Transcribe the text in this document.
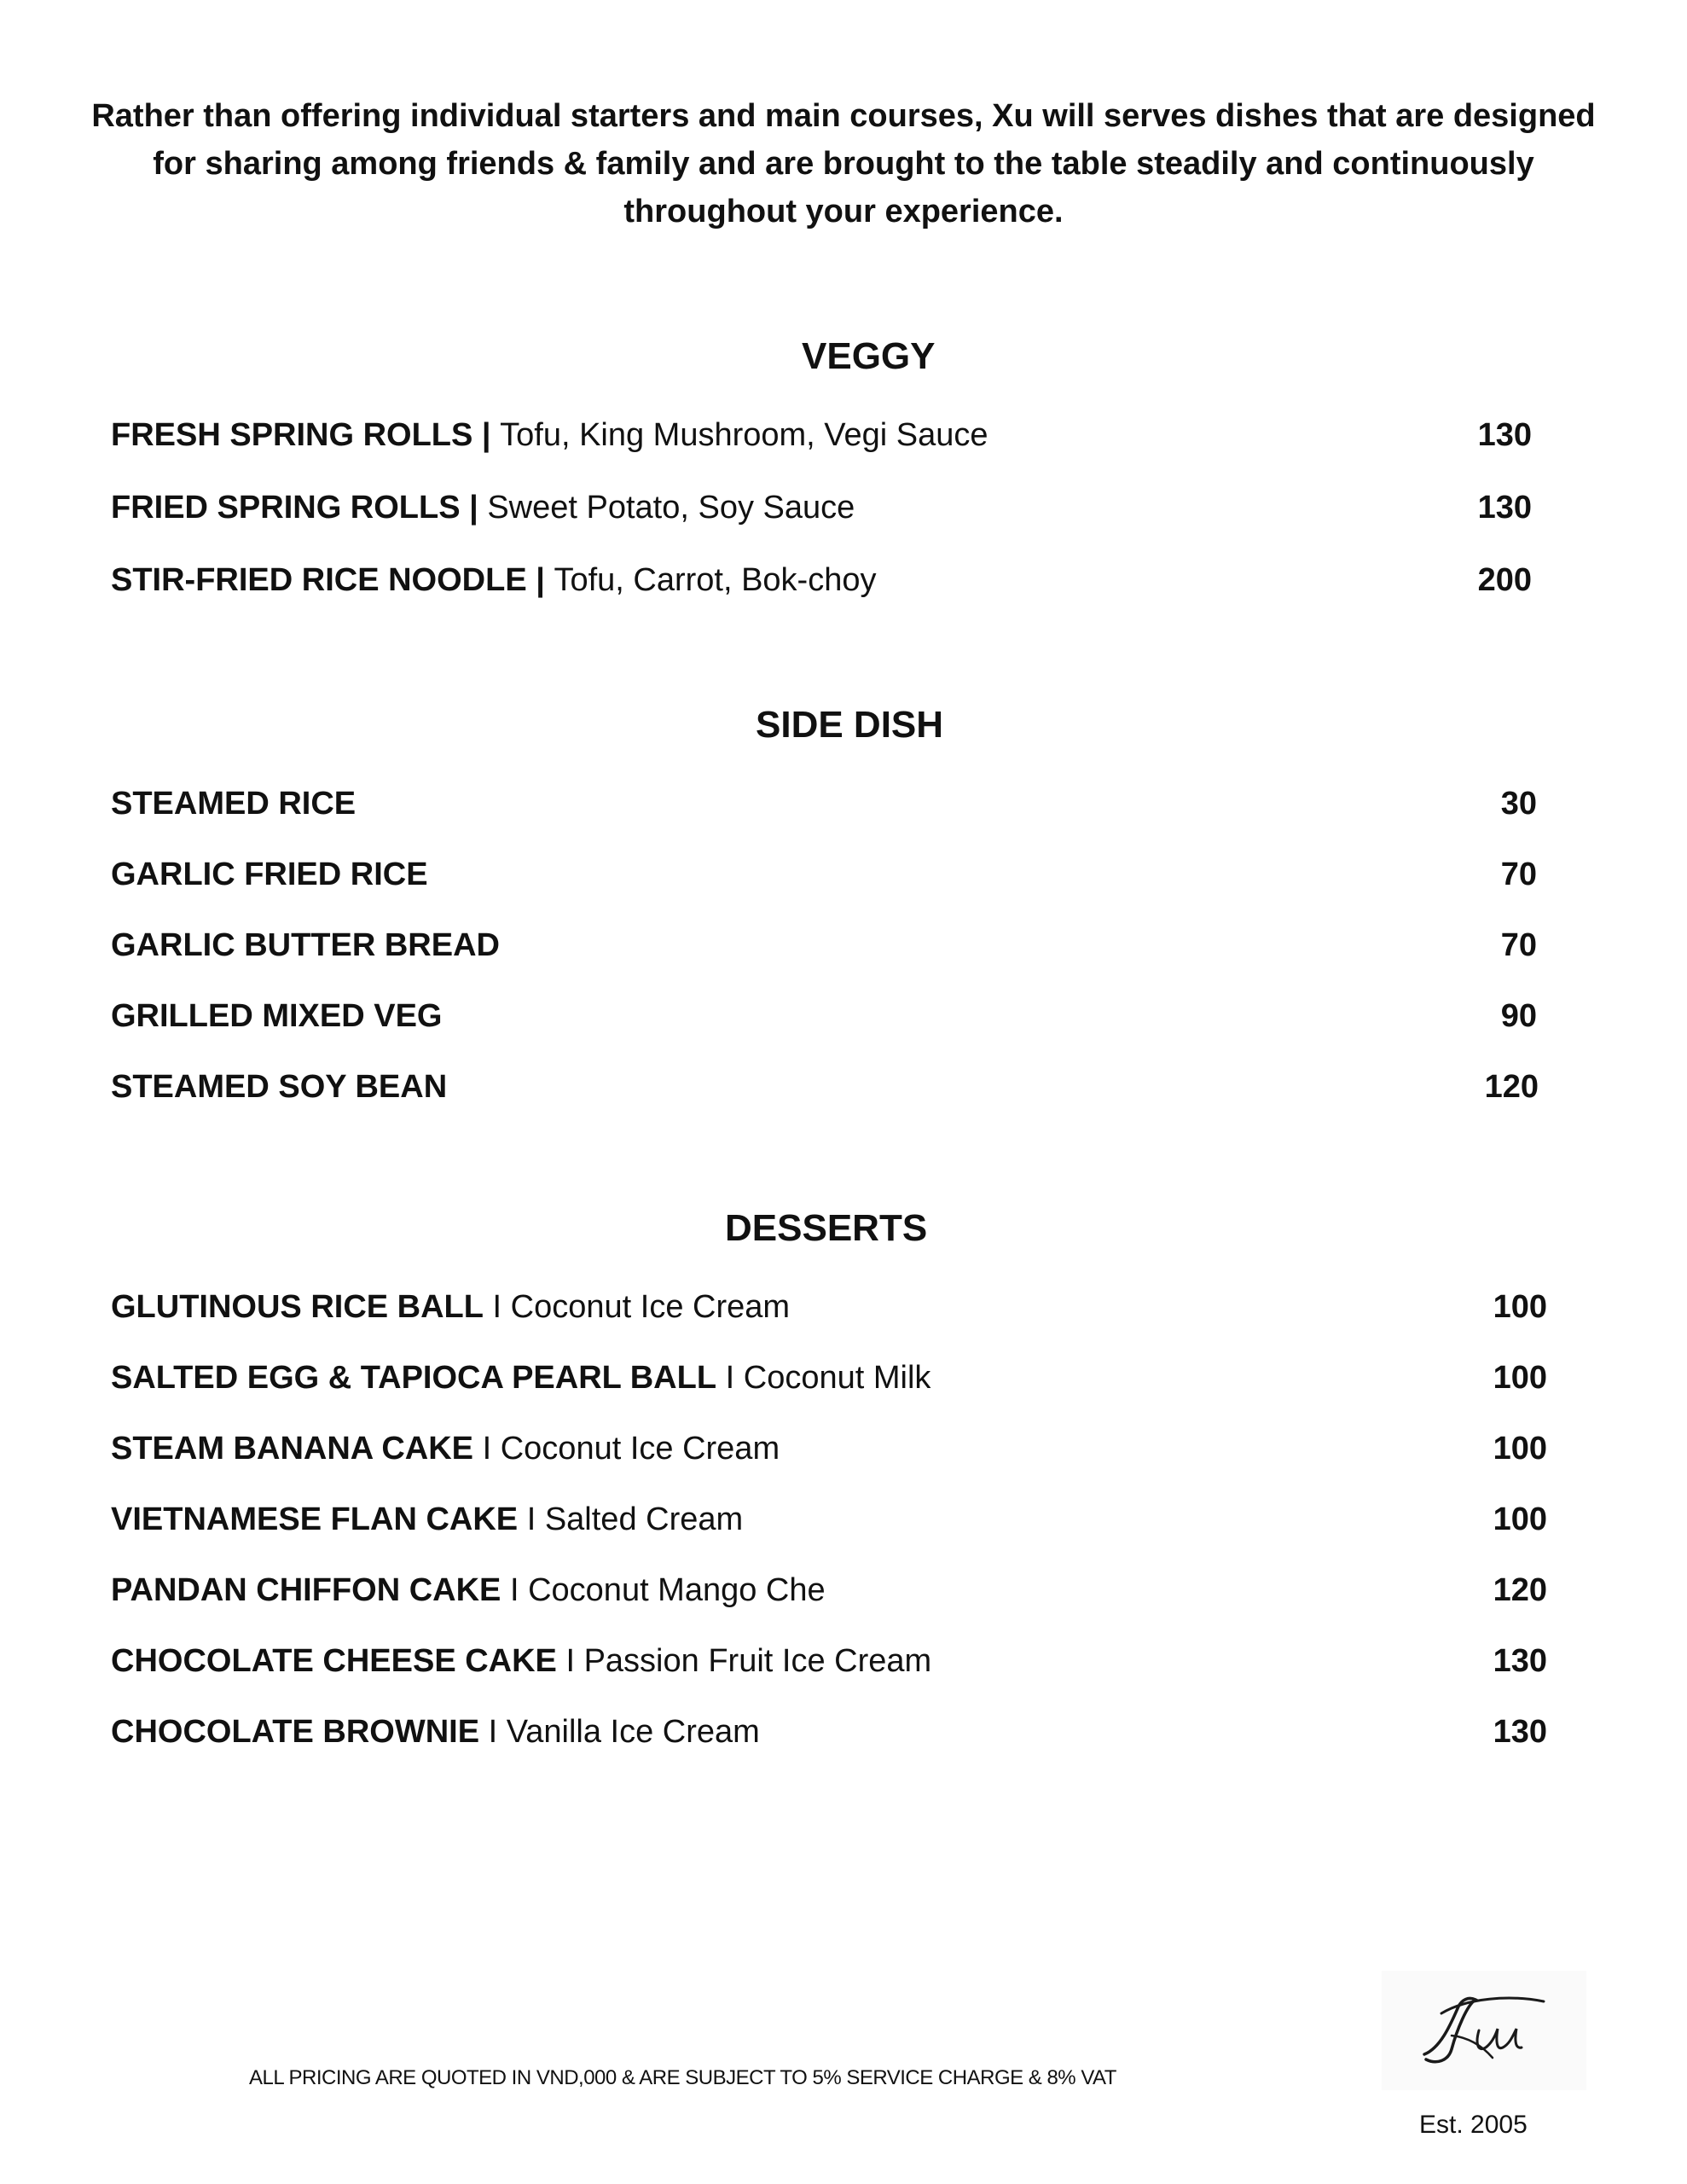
Rather than offering individual starters and main courses, Xu will serves dishes that are designed
for sharing among friends & family and are brought to the table steadily and continuously
throughout your experience.
VEGGY
FRESH SPRING ROLLS | Tofu, King Mushroom, Vegi Sauce	130
FRIED SPRING ROLLS | Sweet Potato, Soy Sauce	130
STIR-FRIED RICE NOODLE | Tofu, Carrot, Bok-choy	200
SIDE DISH
STEAMED RICE	30
GARLIC FRIED RICE	70
GARLIC BUTTER BREAD	70
GRILLED MIXED VEG	90
STEAMED SOY BEAN	120
DESSERTS
GLUTINOUS RICE BALL I Coconut Ice Cream	100
SALTED EGG & TAPIOCA PEARL BALL I Coconut Milk	100
STEAM BANANA CAKE I Coconut Ice Cream	100
VIETNAMESE FLAN CAKE I Salted Cream	100
PANDAN CHIFFON CAKE I Coconut Mango Che	120
CHOCOLATE CHEESE CAKE I Passion Fruit Ice Cream	130
CHOCOLATE BROWNIE I Vanilla Ice Cream	130
ALL PRICING ARE QUOTED IN VND,000 & ARE SUBJECT TO 5% SERVICE CHARGE & 8% VAT
Est. 2005
